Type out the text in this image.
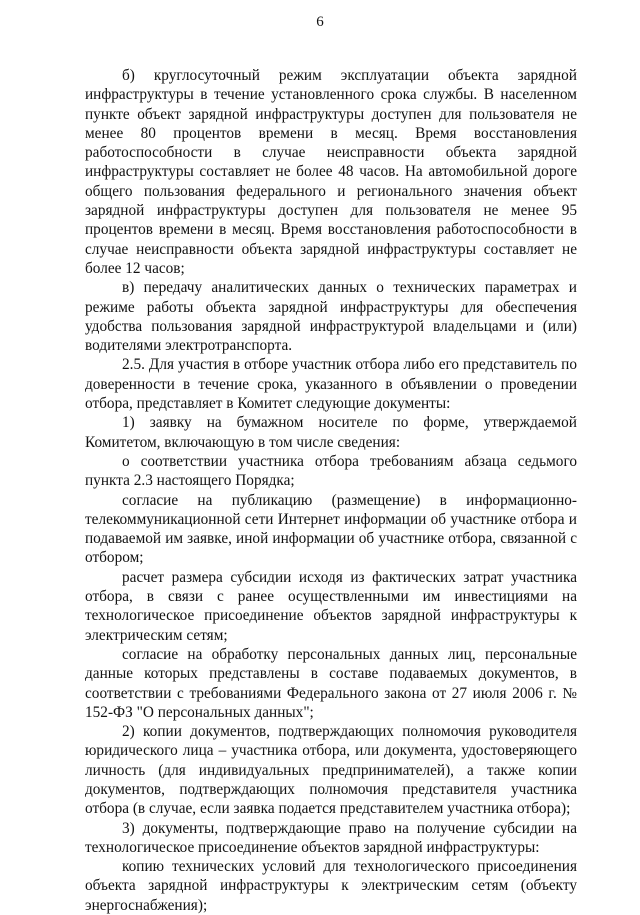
6

б) круглосуточный режим эксплуатации объекта зарядной инфраструктуры в течение установленного срока службы. В населенном пункте объект зарядной инфраструктуры доступен для пользователя не менее 80 процентов времени в месяц. Время восстановления работоспособности в случае неисправности объекта зарядной инфраструктуры составляет не более 48 часов. На автомобильной дороге общего пользования федерального и регионального значения объект зарядной инфраструктуры доступен для пользователя не менее 95 процентов времени в месяц. Время восстановления работоспособности в случае неисправности объекта зарядной инфраструктуры составляет не более 12 часов;

в) передачу аналитических данных о технических параметрах и режиме работы объекта зарядной инфраструктуры для обеспечения удобства пользования зарядной инфраструктурой владельцами и (или) водителями электротранспорта.

2.5. Для участия в отборе участник отбора либо его представитель по доверенности в течение срока, указанного в объявлении о проведении отбора, представляет в Комитет следующие документы:

1) заявку на бумажном носителе по форме, утверждаемой Комитетом, включающую в том числе сведения:

о соответствии участника отбора требованиям абзаца седьмого пункта 2.3 настоящего Порядка;

согласие на публикацию (размещение) в информационно-телекоммуникационной сети Интернет информации об участнике отбора и подаваемой им заявке, иной информации об участнике отбора, связанной с отбором;

расчет размера субсидии исходя из фактических затрат участника отбора, в связи с ранее осуществленными им инвестициями на технологическое присоединение объектов зарядной инфраструктуры к электрическим сетям;

согласие на обработку персональных данных лиц, персональные данные которых представлены в составе подаваемых документов, в соответствии с требованиями Федерального закона от 27 июля 2006 г. № 152-ФЗ "О персональных данных";

2) копии документов, подтверждающих полномочия руководителя юридического лица – участника отбора, или документа, удостоверяющего личность (для индивидуальных предпринимателей), а также копии документов, подтверждающих полномочия представителя участника отбора (в случае, если заявка подается представителем участника отбора);

3) документы, подтверждающие право на получение субсидии на технологическое присоединение объектов зарядной инфраструктуры:

копию технических условий для технологического присоединения объекта зарядной инфраструктуры к электрическим сетям (объекту энергоснабжения);
